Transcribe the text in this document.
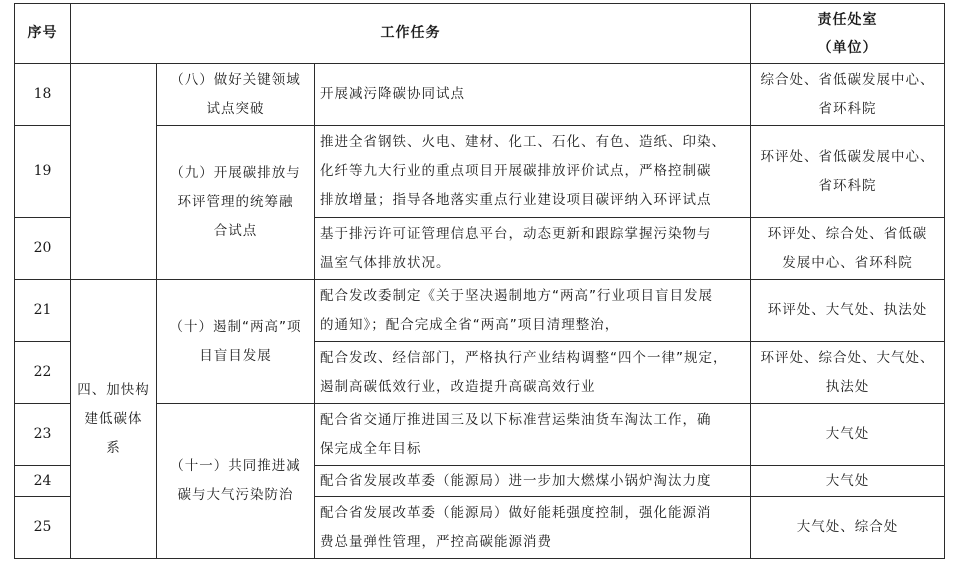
序号	工作任务			责任处室
（单位）

18		（八）做好关键领域
试点突破	开展减污降碳协同试点	综合处、省低碳发展中心、
省环科院

19		（九）开展碳排放与
环评管理的统筹融
合试点	推进全省钢铁、火电、建材、化工、石化、有色、造纸、印染、
化纤等九大行业的重点项目开展碳排放评价试点，严格控制碳
排放增量；指导各地落实重点行业建设项目碳评纳入环评试点	环评处、省低碳发展中心、
省环科院

20			基于排污许可证管理信息平台，动态更新和跟踪掌握污染物与
温室气体排放状况。	环评处、综合处、省低碳
发展中心、省环科院

21	四、加快构
建低碳体
系	（十）遏制“两高”项
目盲目发展	配合发改委制定《关于坚决遏制地方“两高”行业项目盲目发展
的通知》；配合完成全省“两高”项目清理整治，	环评处、大气处、执法处

22			配合发改、经信部门，严格执行产业结构调整“四个一律”规定，
遏制高碳低效行业，改造提升高碳高效行业	环评处、综合处、大气处、
执法处

23		（十一）共同推进减
碳与大气污染防治	配合省交通厅推进国三及以下标准营运柴油货车淘汰工作，确
保完成全年目标	大气处

24			配合省发展改革委（能源局）进一步加大燃煤小锅炉淘汰力度	大气处

25			配合省发展改革委（能源局）做好能耗强度控制，强化能源消
费总量弹性管理，严控高碳能源消费	大气处、综合处
